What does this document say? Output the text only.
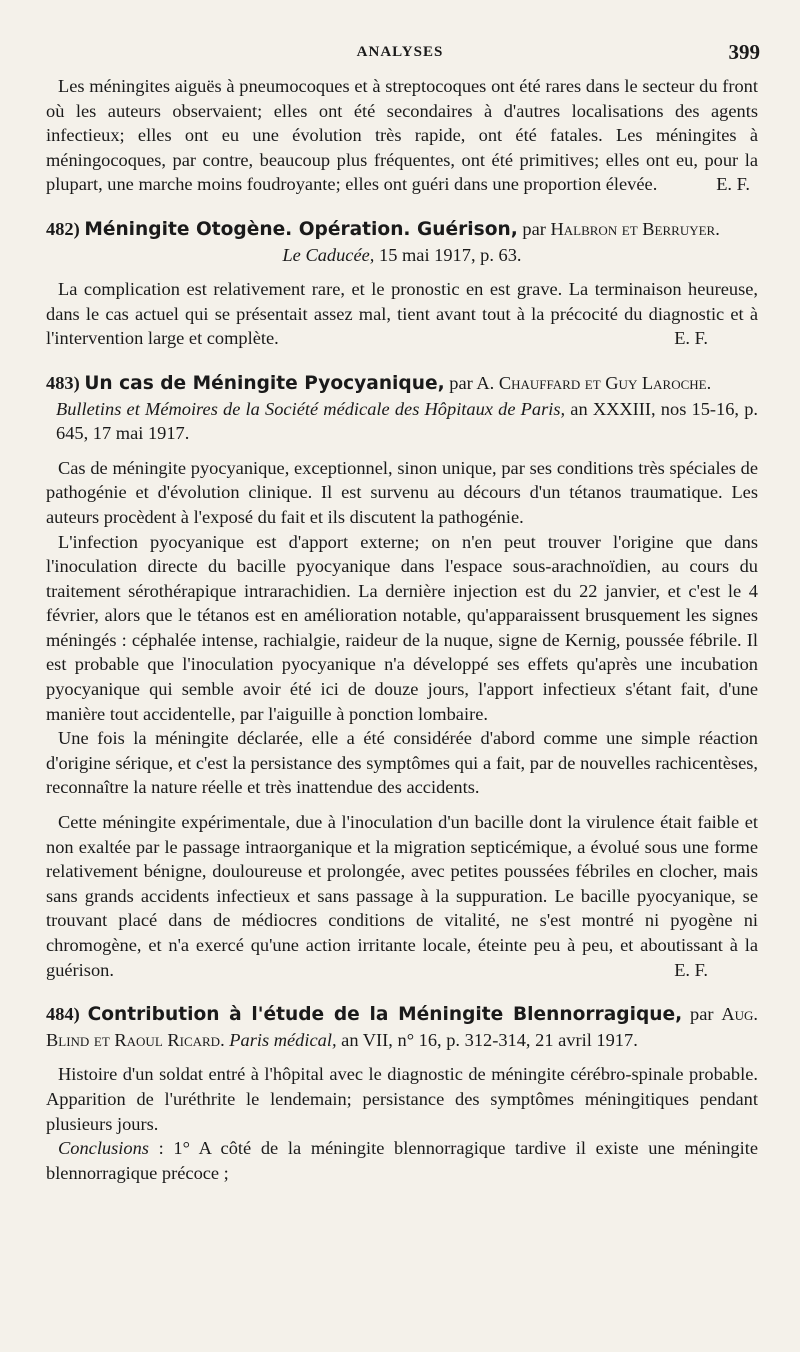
ANALYSES	399

Les méningites aiguës à pneumocoques et à streptocoques ont été rares dans le secteur du front où les auteurs observaient; elles ont été secondaires à d'autres localisations des agents infectieux; elles ont eu une évolution très rapide, ont été fatales. Les méningites à méningocoques, par contre, beaucoup plus fréquentes, ont été primitives; elles ont eu, pour la plupart, une marche moins foudroyante; elles ont guéri dans une proportion élevée.	E. F.

482) Méningite Otogène. Opération. Guérison, par Halbron et Berruyer.

Le Caducée, 15 mai 1917, p. 63.

La complication est relativement rare, et le pronostic en est grave. La terminaison heureuse, dans le cas actuel qui se présentait assez mal, tient avant tout à la précocité du diagnostic et à l'intervention large et complète.	E. F.

483) Un cas de Méningite Pyocyanique, par A. Chauffard et Guy Laroche.

Bulletins et Mémoires de la Société médicale des Hôpitaux de Paris, an XXXIII, nos 15-16, p. 645, 17 mai 1917.

Cas de méningite pyocyanique, exceptionnel, sinon unique, par ses conditions très spéciales de pathogénie et d'évolution clinique. Il est survenu au décours d'un tétanos traumatique. Les auteurs procèdent à l'exposé du fait et ils discutent la pathogénie.

L'infection pyocyanique est d'apport externe; on n'en peut trouver l'origine que dans l'inoculation directe du bacille pyocyanique dans l'espace sous-arachnoïdien, au cours du traitement sérothérapique intrarachidien. La dernière injection est du 22 janvier, et c'est le 4 février, alors que le tétanos est en amélioration notable, qu'apparaissent brusquement les signes méningés : céphalée intense, rachialgie, raideur de la nuque, signe de Kernig, poussée fébrile. Il est probable que l'inoculation pyocyanique n'a développé ses effets qu'après une incubation pyocyanique qui semble avoir été ici de douze jours, l'apport infectieux s'étant fait, d'une manière tout accidentelle, par l'aiguille à ponction lombaire.

Une fois la méningite déclarée, elle a été considérée d'abord comme une simple réaction d'origine sérique, et c'est la persistance des symptômes qui a fait, par de nouvelles rachicentèses, reconnaître la nature réelle et très inattendue des accidents.

Cette méningite expérimentale, due à l'inoculation d'un bacille dont la virulence était faible et non exaltée par le passage intraorganique et la migration septicémique, a évolué sous une forme relativement bénigne, douloureuse et prolongée, avec petites poussées fébriles en clocher, mais sans grands accidents infectieux et sans passage à la suppuration. Le bacille pyocyanique, se trouvant placé dans de médiocres conditions de vitalité, ne s'est montré ni pyogène ni chromogène, et n'a exercé qu'une action irritante locale, éteinte peu à peu, et aboutissant à la guérison.	E. F.

484) Contribution à l'étude de la Méningite Blennorragique, par Aug. Blind et Raoul Ricard. Paris médical, an VII, n° 16, p. 312-314, 21 avril 1917.

Histoire d'un soldat entré à l'hôpital avec le diagnostic de méningite cérébro-spinale probable. Apparition de l'uréthrite le lendemain; persistance des symptômes méningitiques pendant plusieurs jours.

Conclusions : 1° A côté de la méningite blennorragique tardive il existe une méningite blennorragique précoce ;
